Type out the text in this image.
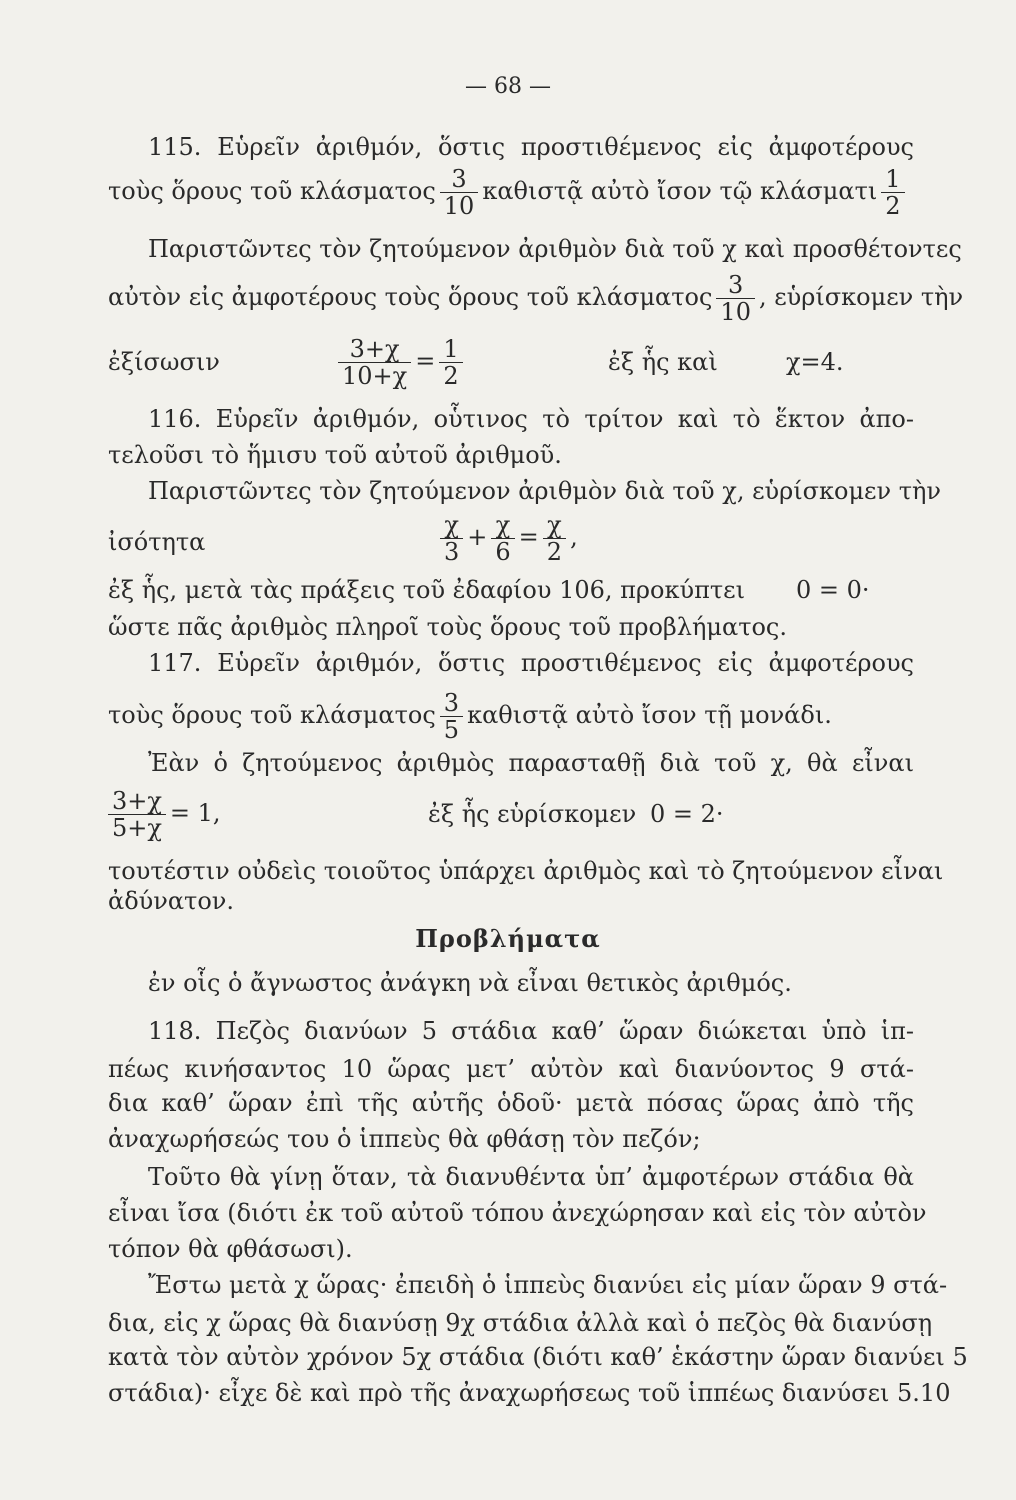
— 68 —
115. Εὑρεῖν ἀριθμόν, ὅστις προστιθέμενος εἰς ἀμφοτέρους
τοὺς ὅρους τοῦ κλάσματος $\frac{3}{10}$ καθιστᾷ αὐτὸ ἴσον τῷ κλάσματι $\frac{1}{2}$
Παριστῶντες τὸν ζητούμενον ἀριθμὸν διὰ τοῦ χ καὶ προσθέτοντες
αὐτὸν εἰς ἀμφοτέρους τοὺς ὅρους τοῦ κλάσματος $\frac{3}{10}$ , εὑρίσκομεν τὴν
ἐξίσωσιν	$\frac{3+\chi}{10+\chi} = \frac{1}{2}$	ἐξ ἧς καὶ	χ=4.
116. Εὑρεῖν ἀριθμόν, οὗτινος τὸ τρίτον καὶ τὸ ἕκτον ἀπο-
τελοῦσι τὸ ἥμισυ τοῦ αὐτοῦ ἀριθμοῦ.
Παριστῶντες τὸν ζητούμενον ἀριθμὸν διὰ τοῦ χ, εὑρίσκομεν τὴν
ἰσότητα	$\frac{\chi}{3} + \frac{\chi}{6} = \frac{\chi}{2}$ ,
ἐξ ἧς, μετὰ τὰς πράξεις τοῦ ἐδαφίου 106, προκύπτει 0 = 0·
ὥστε πᾶς ἀριθμὸς πληροῖ τοὺς ὅρους τοῦ προβλήματος.
117. Εὑρεῖν ἀριθμόν, ὅστις προστιθέμενος εἰς ἀμφοτέρους
τοὺς ὅρους τοῦ κλάσματος $\frac{3}{5}$ καθιστᾷ αὐτὸ ἴσον τῇ μονάδι.
Ἐὰν ὁ ζητούμενος ἀριθμὸς παρασταθῇ διὰ τοῦ χ, θὰ εἶναι
$\frac{3+\chi}{5+\chi} = 1$,	ἐξ ἧς εὑρίσκομεν 0 = 2·
τουτέστιν οὐδεὶς τοιοῦτος ὑπάρχει ἀριθμὸς καὶ τὸ ζητούμενον εἶναι
ἀδύνατον.
Προβλήματα
ἐν οἷς ὁ ἄγνωστος ἀνάγκη νὰ εἶναι θετικὸς ἀριθμός.
118. Πεζὸς διανύων 5 στάδια καθ’ ὥραν διώκεται ὑπὸ ἱπ-
πέως κινήσαντος 10 ὥρας μετ’ αὐτὸν καὶ διανύοντος 9 στά-
δια καθ’ ὥραν ἐπὶ τῆς αὐτῆς ὁδοῦ· μετὰ πόσας ὥρας ἀπὸ τῆς
ἀναχωρήσεώς του ὁ ἱππεὺς θὰ φθάσῃ τὸν πεζόν;
Τοῦτο θὰ γίνῃ ὅταν, τὰ διανυθέντα ὑπ’ ἀμφοτέρων στάδια θὰ
εἶναι ἴσα (διότι ἐκ τοῦ αὐτοῦ τόπου ἀνεχώρησαν καὶ εἰς τὸν αὐτὸν
τόπον θὰ φθάσωσι).
Ἔστω μετὰ χ ὥρας· ἐπειδὴ ὁ ἱππεὺς διανύει εἰς μίαν ὥραν 9 στά-
δια, εἰς χ ὥρας θὰ διανύσῃ 9χ στάδια ἀλλὰ καὶ ὁ πεζὸς θὰ διανύσῃ
κατὰ τὸν αὐτὸν χρόνον 5χ στάδια (διότι καθ’ ἑκάστην ὥραν διανύει 5
στάδια)· εἶχε δὲ καὶ πρὸ τῆς ἀναχωρήσεως τοῦ ἱππέως διανύσει 5.10
